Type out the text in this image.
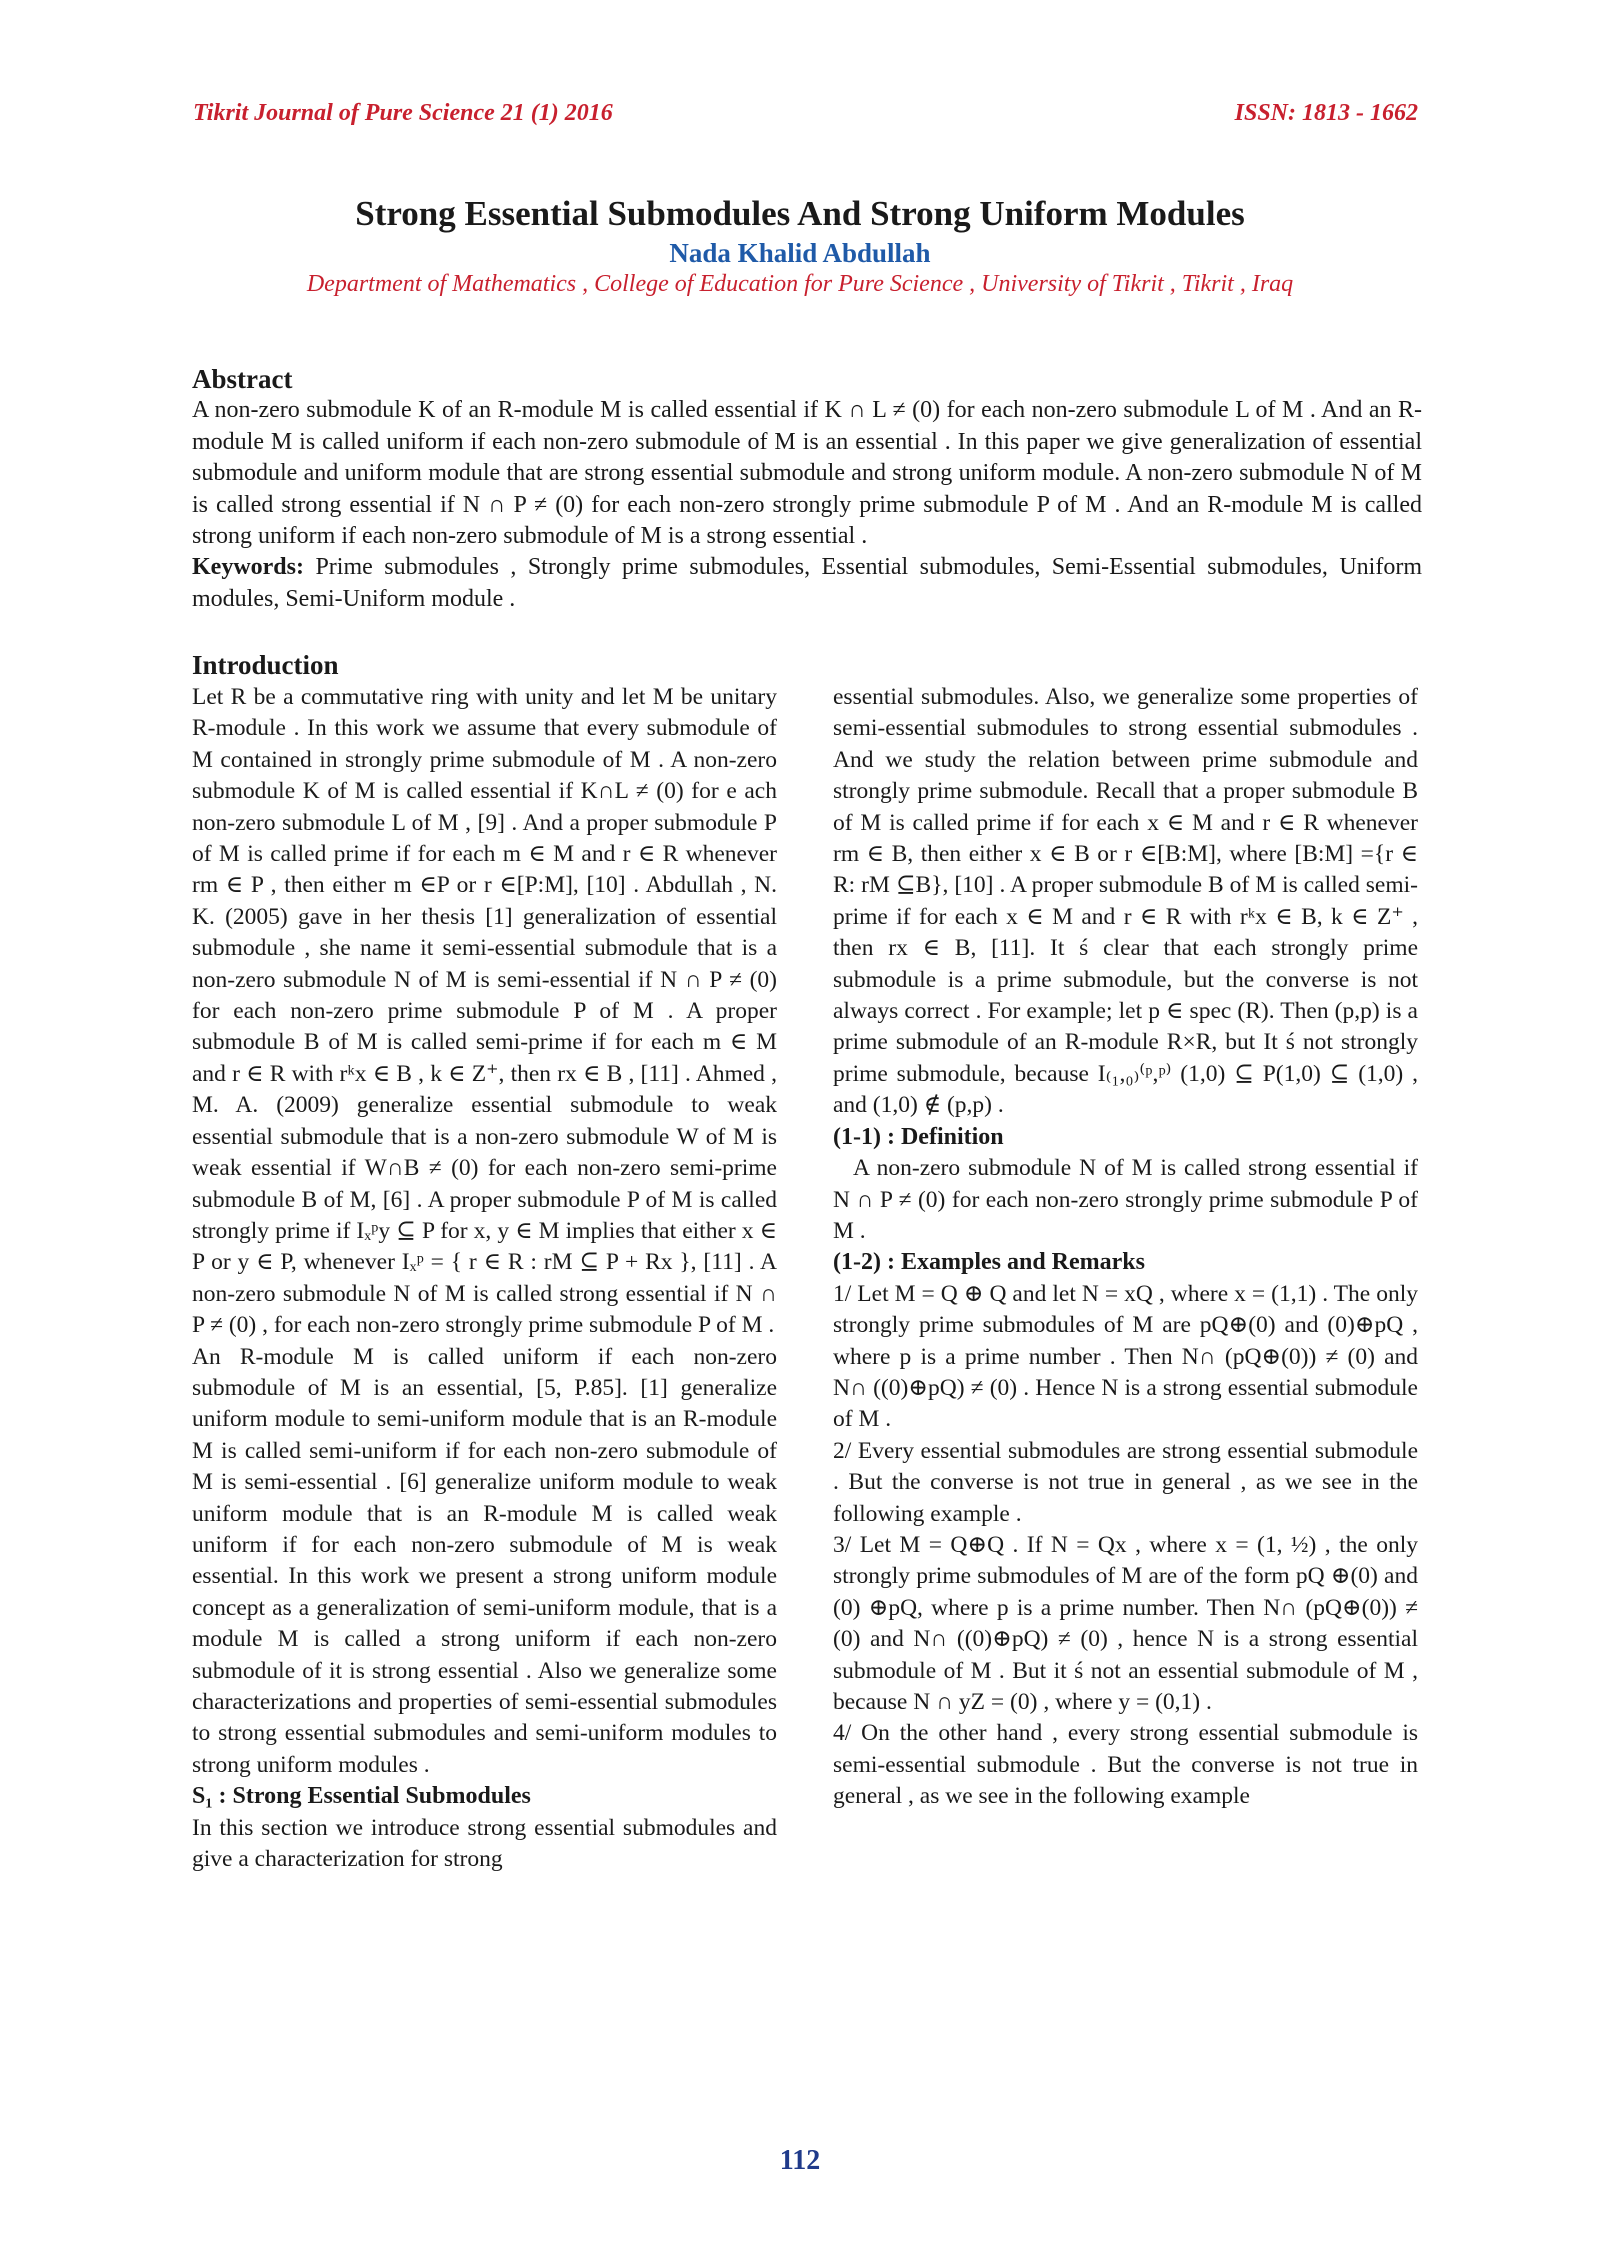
Tikrit Journal of Pure Science 21 (1) 2016	ISSN: 1813 - 1662
Strong Essential Submodules And Strong Uniform Modules
Nada Khalid Abdullah
Department of Mathematics , College of Education for Pure Science , University of Tikrit , Tikrit , Iraq
Abstract
A non-zero submodule K of an R-module M is called essential if K ∩ L ≠ (0) for each non-zero submodule L of M . And an R-module M is called uniform if each non-zero submodule of M is an essential . In this paper we give generalization of essential submodule and uniform module that are strong essential submodule and strong uniform module. A non-zero submodule N of M is called strong essential if N ∩ P ≠ (0) for each non-zero strongly prime submodule P of M . And an R-module M is called strong uniform if each non-zero submodule of M is a strong essential .
Keywords: Prime submodules , Strongly prime submodules, Essential submodules, Semi-Essential submodules, Uniform modules, Semi-Uniform module .
Introduction

Let R be a commutative ring with unity and let M be unitary R-module . In this work we assume that every submodule of M contained in strongly prime submodule of M . A non-zero submodule K of M is called essential if K∩L ≠ (0) for e ach non-zero submodule L of M , [9] . And a proper submodule P of M is called prime if for each m ∈ M and r ∈ R whenever rm ∈ P , then either m ∈P or r ∈[P:M], [10] . Abdullah , N. K. (2005) gave in her thesis [1] generalization of essential submodule , she name it semi-essential submodule that is a non-zero submodule N of M is semi-essential if N ∩ P ≠ (0) for each non-zero prime submodule P of M . A proper submodule B of M is called semi-prime if for each m ∈ M and r ∈ R with rᵏx ∈ B , k ∈ Z⁺, then rx ∈ B , [11] . Ahmed , M. A. (2009) generalize essential submodule to weak essential submodule that is a non-zero submodule W of M is weak essential if W∩B ≠ (0) for each non-zero semi-prime submodule B of M, [6] . A proper submodule P of M is called strongly prime if Iₓᵖy ⊆ P for x, y ∈ M implies that either x ∈ P or y ∈ P, whenever Iₓᵖ = { r ∈ R : rM ⊆ P + Rx }, [11] . A non-zero submodule N of M is called strong essential if N ∩ P ≠ (0) , for each non-zero strongly prime submodule P of M .

An R-module M is called uniform if each non-zero submodule of M is an essential, [5, P.85]. [1] generalize uniform module to semi-uniform module that is an R-module M is called semi-uniform if for each non-zero submodule of M is semi-essential . [6] generalize uniform module to weak uniform module that is an R-module M is called weak uniform if for each non-zero submodule of M is weak essential. In this work we present a strong uniform module concept as a generalization of semi-uniform module, that is a module M is called a strong uniform if each non-zero submodule of it is strong essential . Also we generalize some characterizations and properties of semi-essential submodules to strong essential submodules and semi-uniform modules to strong uniform modules .

S₁ : Strong Essential Submodules

In this section we introduce strong essential submodules and give a characterization for strong

essential submodules. Also, we generalize some properties of semi-essential submodules to strong essential submodules . And we study the relation between prime submodule and strongly prime submodule. Recall that a proper submodule B of M is called prime if for each x ∈ M and r ∈ R whenever rm ∈ B, then either x ∈ B or r ∈[B:M], where [B:M] ={r ∈ R: rM ⊆B}, [10] . A proper submodule B of M is called semi-prime if for each x ∈ M and r ∈ R with rᵏx ∈ B, k ∈ Z⁺ , then rx ∈ B, [11]. It ś clear that each strongly prime submodule is a prime submodule, but the converse is not always correct . For example; let p ∈ spec (R). Then (p,p) is a prime submodule of an R-module R×R, but It ś not strongly prime submodule, because I₍₁,₀₎⁽ᵖ,ᵖ⁾ (1,0) ⊆ P(1,0) ⊆ (1,0) , and (1,0) ∉ (p,p) .

(1-1) : Definition

A non-zero submodule N of M is called strong essential if N ∩ P ≠ (0) for each non-zero strongly prime submodule P of M .

(1-2) : Examples and Remarks

1/ Let M = Q ⊕ Q and let N = xQ , where x = (1,1) . The only strongly prime submodules of M are pQ⊕(0) and (0)⊕pQ , where p is a prime number . Then N∩ (pQ⊕(0)) ≠ (0) and N∩ ((0)⊕pQ) ≠ (0) . Hence N is a strong essential submodule of M .

2/ Every essential submodules are strong essential submodule . But the converse is not true in general , as we see in the following example .

3/ Let M = Q⊕Q . If N = Qx , where x = (1, ½) , the only strongly prime submodules of M are of the form pQ ⊕(0) and (0) ⊕pQ, where p is a prime number. Then N∩ (pQ⊕(0)) ≠ (0) and N∩ ((0)⊕pQ) ≠ (0) , hence N is a strong essential submodule of M . But it ś not an essential submodule of M , because N ∩ yZ = (0) , where y = (0,1) .

4/ On the other hand , every strong essential submodule is semi-essential submodule . But the converse is not true in general , as we see in the following example

112
